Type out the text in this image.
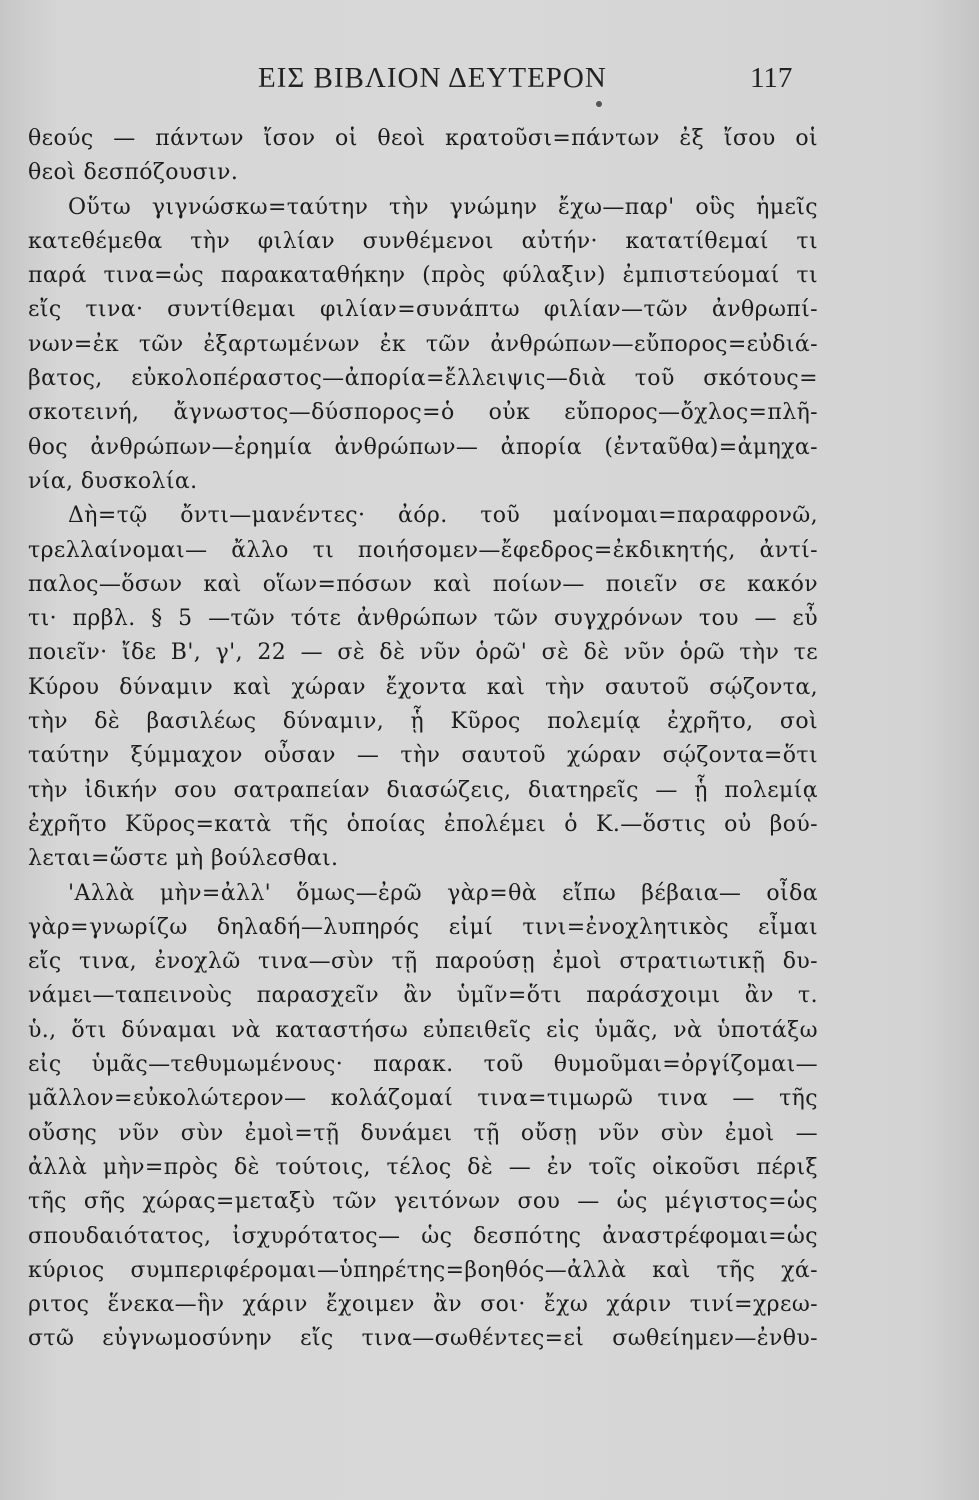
ΕΙΣ ΒΙΒΛΙΟΝ ΔΕΥΤΕΡΟΝ	117
θεούς — πάντων ἴσον οἱ θεοὶ κρατοῦσι=πάντων ἐξ ἴσου οἱ
θεοὶ δεσπόζουσιν.
Οὕτω γιγνώσκω=ταύτην τὴν γνώμην ἔχω—παρ' οὓς ἡμεῖς
κατεθέμεθα τὴν φιλίαν συνθέμενοι αὐτήν· κατατίθεμαί τι
παρά τινα=ὡς παρακαταθήκην (πρὸς φύλαξιν) ἐμπιστεύομαί τι
εἴς τινα· συντίθεμαι φιλίαν=συνάπτω φιλίαν—τῶν ἀνθρωπί-
νων=ἐκ τῶν ἐξαρτωμένων ἐκ τῶν ἀνθρώπων—εὔπορος=εὐδιά-
βατος, εὐκολοπέραστος—ἀπορία=ἔλλειψις—διὰ τοῦ σκότους=
σκοτεινή, ἄγνωστος—δύσπορος=ὁ οὐκ εὔπορος—ὄχλος=πλῆ-
θος ἀνθρώπων—ἐρημία ἀνθρώπων— ἀπορία (ἐνταῦθα)=ἀμηχα-
νία, δυσκολία.
Δὴ=τῷ ὄντι—μανέντες· ἀόρ. τοῦ μαίνομαι=παραφρονῶ,
τρελλαίνομαι— ἄλλο τι ποιήσομεν—ἔφεδρος=ἐκδικητής, ἀντί-
παλος—ὅσων καὶ οἵων=πόσων καὶ ποίων— ποιεῖν σε κακόν
τι· πρβλ. § 5 —τῶν τότε ἀνθρώπων τῶν συγχρόνων του — εὖ
ποιεῖν· ἴδε Β', γ', 22 — σὲ δὲ νῦν ὁρῶ' σὲ δὲ νῦν ὁρῶ τὴν τε
Κύρου δύναμιν καὶ χώραν ἔχοντα καὶ τὴν σαυτοῦ σῴζοντα,
τὴν δὲ βασιλέως δύναμιν, ᾗ Κῦρος πολεμίᾳ ἐχρῆτο, σοὶ
ταύτην ξύμμαχον οὖσαν — τὴν σαυτοῦ χώραν σῴζοντα=ὅτι
τὴν ἰδικήν σου σατραπείαν διασώζεις, διατηρεῖς — ᾗ πολεμίᾳ
ἐχρῆτο Κῦρος=κατὰ τῆς ὁποίας ἐπολέμει ὁ Κ.—ὅστις οὐ βού-
λεται=ὥστε μὴ βούλεσθαι.
'Αλλὰ μὴν=ἀλλ' ὅμως—ἐρῶ γὰρ=θὰ εἴπω βέβαια— οἶδα
γὰρ=γνωρίζω δηλαδή—λυπηρός εἰμί τινι=ἐνοχλητικὸς εἶμαι
εἴς τινα, ἐνοχλῶ τινα—σὺν τῇ παρούσῃ ἐμοὶ στρατιωτικῇ δυ-
νάμει—ταπεινοὺς παρασχεῖν ἂν ὑμῖν=ὅτι παράσχοιμι ἂν τ.
ὑ., ὅτι δύναμαι νὰ καταστήσω εὐπειθεῖς εἰς ὑμᾶς, νὰ ὑποτάξω
εἰς ὑμᾶς—τεθυμωμένους· παρακ. τοῦ θυμοῦμαι=ὀργίζομαι—
μᾶλλον=εὐκολώτερον— κολάζομαί τινα=τιμωρῶ τινα — τῆς
οὔσης νῦν σὺν ἐμοὶ=τῇ δυνάμει τῇ οὔσῃ νῦν σὺν ἐμοὶ —
ἀλλὰ μὴν=πρὸς δὲ τούτοις, τέλος δὲ — ἐν τοῖς οἰκοῦσι πέριξ
τῆς σῆς χώρας=μεταξὺ τῶν γειτόνων σου — ὡς μέγιστος=ὡς
σπουδαιότατος, ἰσχυρότατος— ὡς δεσπότης ἀναστρέφομαι=ὡς
κύριος συμπεριφέρομαι—ὑπηρέτης=βοηθός—ἀλλὰ καὶ τῆς χά-
ριτος ἕνεκα—ἣν χάριν ἔχοιμεν ἂν σοι· ἔχω χάριν τινί=χρεω-
στῶ εὐγνωμοσύνην εἴς τινα—σωθέντες=εἰ σωθείημεν—ἐνθυ-
